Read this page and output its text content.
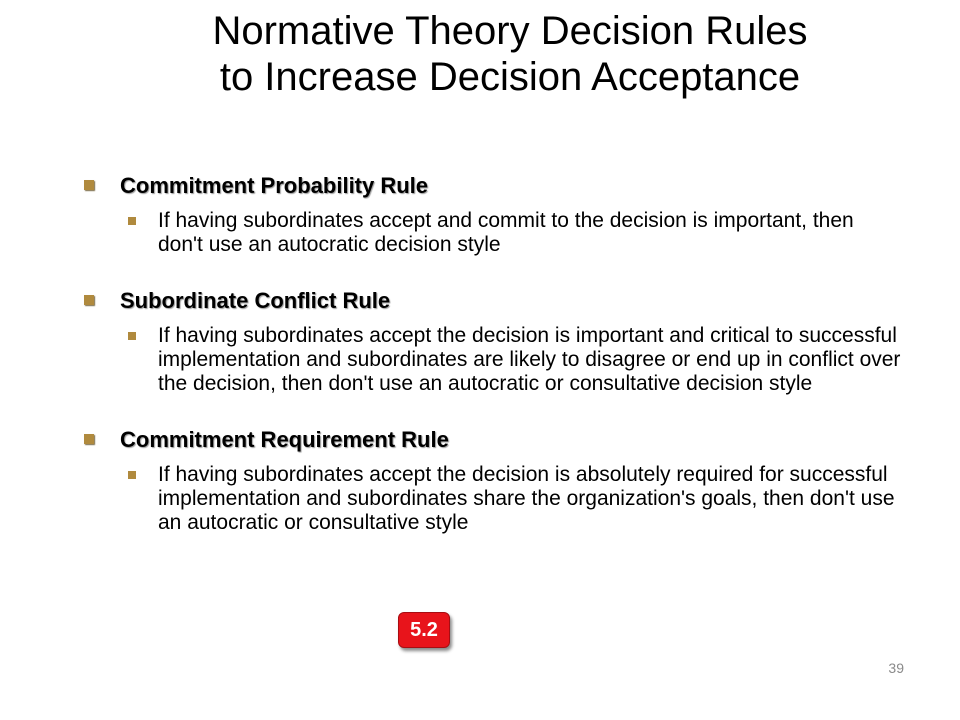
Normative Theory Decision Rules
to Increase Decision Acceptance
Commitment Probability Rule
If having subordinates accept and commit to the decision is important, then don't use an autocratic decision style
Subordinate Conflict Rule
If having subordinates accept the decision is important and critical to successful implementation and subordinates are likely to disagree or end up in conflict over the decision, then don't use an autocratic or consultative decision style
Commitment Requirement Rule
If having subordinates accept the decision is absolutely required for successful implementation and subordinates share the organization's goals, then don't use an autocratic or consultative style
5.2
39
